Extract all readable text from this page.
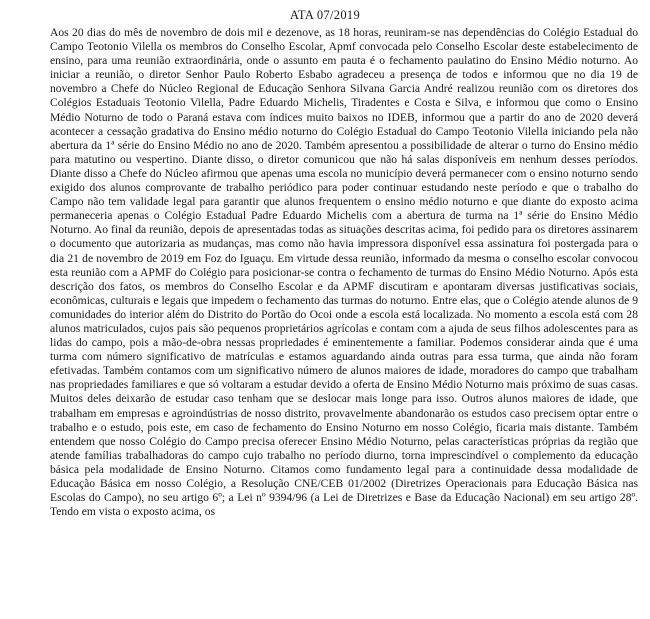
ATA 07/2019
Aos 20 dias do mês de novembro de dois mil e dezenove, as 18 horas, reuniram-se nas dependências do Colégio Estadual do Campo Teotonio Vilella os membros do Conselho Escolar, Apmf convocada pelo Conselho Escolar deste estabelecimento de ensino, para uma reunião extraordinária, onde o assunto em pauta é o fechamento paulatino do Ensino Médio noturno. Ao iniciar a reunião, o diretor Senhor Paulo Roberto Esbabo agradeceu a presença de todos e informou que no dia 19 de novembro a Chefe do Núcleo Regional de Educação Senhora Silvana Garcia André realizou reunião com os diretores dos Colégios Estaduais Teotonio Vilella, Padre Eduardo Michelis, Tiradentes e Costa e Silva, e informou que como o Ensino Médio Noturno de todo o Paraná estava com índices muito baixos no IDEB, informou que a partir do ano de 2020 deverá acontecer a cessação gradativa do Ensino médio noturno do Colégio Estadual do Campo Teotonio Vilella iniciando pela não abertura da 1ª série do Ensino Médio no ano de 2020. Também apresentou a possibilidade de alterar o turno do Ensino médio para matutino ou vespertino. Diante disso, o diretor comunicou que não há salas disponíveis em nenhum desses períodos. Diante disso a Chefe do Núcleo afirmou que apenas uma escola no município deverá permanecer com o ensino noturno sendo exigido dos alunos comprovante de trabalho periódico para poder continuar estudando neste período e que o trabalho do Campo não tem validade legal para garantir que alunos frequentem o ensino médio noturno e que diante do exposto acima permaneceria apenas o Colégio Estadual Padre Eduardo Michelis com a abertura de turma na 1ª série do Ensino Médio Noturno. Ao final da reunião, depois de apresentadas todas as situações descritas acima, foi pedido para os diretores assinarem o documento que autorizaria as mudanças, mas como não havia impressora disponível essa assinatura foi postergada para o dia 21 de novembro de 2019 em Foz do Iguaçu. Em virtude dessa reunião, informado da mesma o conselho escolar convocou esta reunião com a APMF do Colégio para posicionar-se contra o fechamento de turmas do Ensino Médio Noturno. Após esta descrição dos fatos, os membros do Conselho Escolar e da APMF discutiram e apontaram diversas justificativas sociais, econômicas, culturais e legais que impedem o fechamento das turmas do noturno. Entre elas, que o Colégio atende alunos de 9 comunidades do interior além do Distrito do Portão do Ocoi onde a escola está localizada. No momento a escola está com 28 alunos matriculados, cujos pais são pequenos proprietários agrícolas e contam com a ajuda de seus filhos adolescentes para as lidas do campo, pois a mão-de-obra nessas propriedades é eminentemente a familiar. Podemos considerar ainda que é uma turma com número significativo de matrículas e estamos aguardando ainda outras para essa turma, que ainda não foram efetivadas. Também contamos com um significativo número de alunos maiores de idade, moradores do campo que trabalham nas propriedades familiares e que só voltaram a estudar devido a oferta de Ensino Médio Noturno mais próximo de suas casas. Muitos deles deixarão de estudar caso tenham que se deslocar mais longe para isso. Outros alunos maiores de idade, que trabalham em empresas e agroindústrias de nosso distrito, provavelmente abandonarão os estudos caso precisem optar entre o trabalho e o estudo, pois este, em caso de fechamento do Ensino Noturno em nosso Colégio, ficaria mais distante. Também entendem que nosso Colégio do Campo precisa oferecer Ensino Médio Noturno, pelas características próprias da região que atende famílias trabalhadoras do campo cujo trabalho no período diurno, torna imprescindível o complemento da educação básica pela modalidade de Ensino Noturno. Citamos como fundamento legal para a continuidade dessa modalidade de Educação Básica em nosso Colégio, a Resolução CNE/CEB 01/2002 (Diretrizes Operacionais para Educação Básica nas Escolas do Campo), no seu artigo 6º; a Lei nº 9394/96 (a Lei de Diretrizes e Base da Educação Nacional) em seu artigo 28º. Tendo em vista o exposto acima, os
